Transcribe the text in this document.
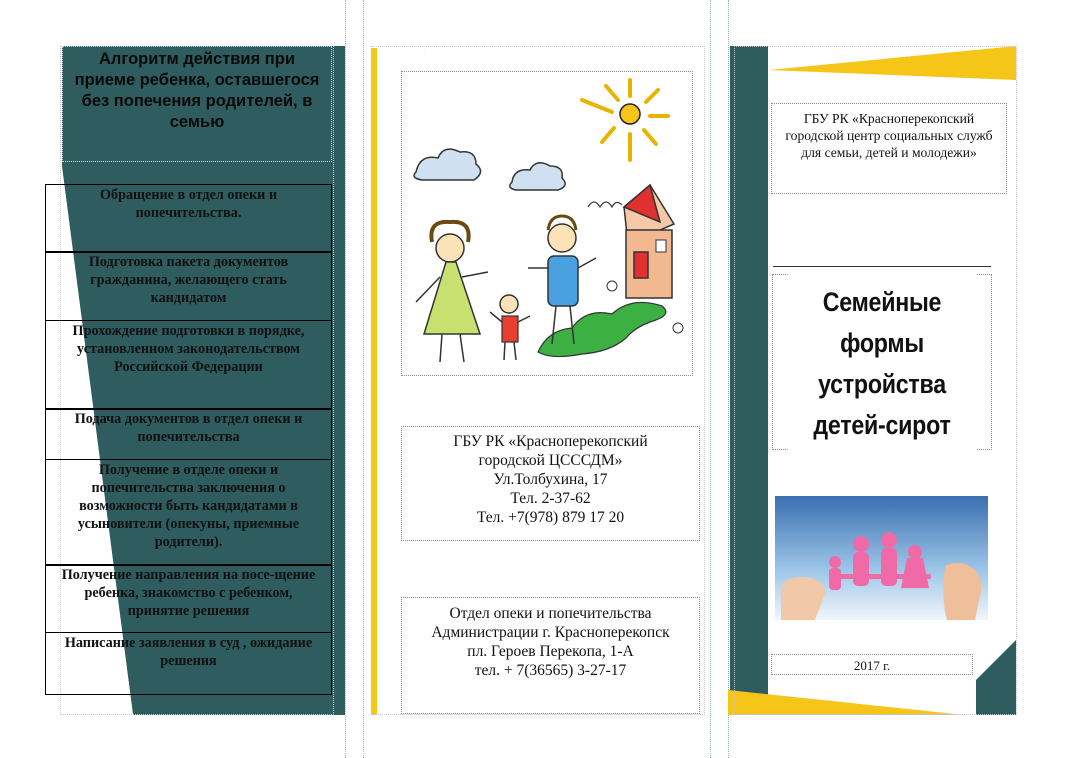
Алгоритм действия при приеме ребенка, оставшегося без попечения родителей, в семью
Обращение в отдел опеки и попечительства.
Подготовка пакета документов гражданина, желающего стать кандидатом
Прохождение подготовки в порядке, установленном законодательством Российской Федерации
Подача документов в отдел опеки и попечительства
Получение в отделе опеки и попечительства заключения о возможности быть кандидатами в усыновители (опекуны, приемные родители).
Получение направления на посе-щение ребенка, знакомство с ребенком, принятие решения
Написание заявления в суд , ожидание решения
ГБУ РК «Красноперекопский
городской ЦСССДМ»
Ул.Толбухина, 17
Тел. 2-37-62
Тел. +7(978) 879 17 20
Отдел опеки и попечительства
Администрации г. Красноперекопск
пл. Героев Перекопа, 1-А
тел. + 7(36565) 3-27-17
ГБУ РК «Красноперекопский городской центр социальных служб для семьи, детей и молодежи»
Семейные
формы
устройства
детей-сирот
2017 г.
